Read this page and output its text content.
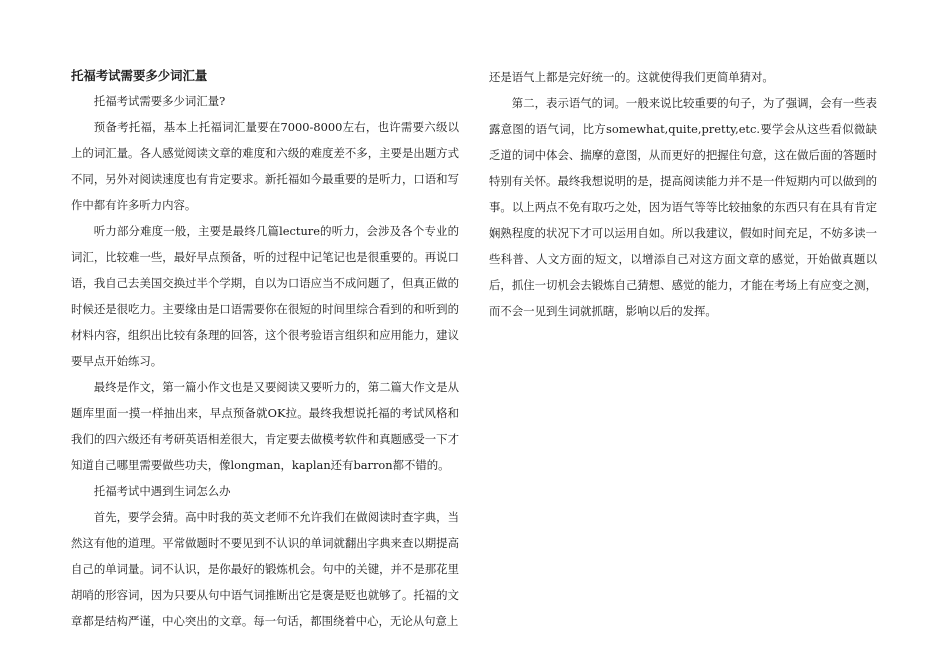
托福考试需要多少词汇量

托福考试需要多少词汇量?

预备考托福，基本上托福词汇量要在7000-8000左右，也许需要六级以上的词汇量。各人感觉阅读文章的难度和六级的难度差不多，主要是出题方式不同，另外对阅读速度也有肯定要求。新托福如今最重要的是听力，口语和写作中都有许多听力内容。

听力部分难度一般，主要是最终几篇lecture的听力，会涉及各个专业的词汇，比较难一些，最好早点预备，听的过程中记笔记也是很重要的。再说口语，我自己去美国交换过半个学期，自以为口语应当不成问题了，但真正做的时候还是很吃力。主要缘由是口语需要你在很短的时间里综合看到的和听到的材料内容，组织出比较有条理的回答，这个很考验语言组织和应用能力，建议要早点开始练习。

最终是作文，第一篇小作文也是又要阅读又要听力的，第二篇大作文是从题库里面一摸一样抽出来，早点预备就OK拉。最终我想说托福的考试风格和我们的四六级还有考研英语相差很大，肯定要去做模考软件和真题感受一下才知道自己哪里需要做些功夫，像longman，kaplan还有barron都不错的。

托福考试中遇到生词怎么办

首先，要学会猜。高中时我的英文老师不允许我们在做阅读时查字典，当然这有他的道理。平常做题时不要见到不认识的单词就翻出字典来查以期提高自己的单词量。词不认识，是你最好的锻炼机会。句中的关键，并不是那花里胡哨的形容词，因为只要从句中语气词推断出它是褒是贬也就够了。托福的文章都是结构严谨，中心突出的文章。每一句话，都围绕着中心，无论从句意上

还是语气上都是完好统一的。这就使得我们更简单猜对。

第二，表示语气的词。一般来说比较重要的句子，为了强调，会有一些表露意图的语气词，比方somewhat,quite,pretty,etc.要学会从这些看似微缺乏道的词中体会、揣摩的意图，从而更好的把握住句意，这在做后面的答题时特别有关怀。最终我想说明的是，提高阅读能力并不是一件短期内可以做到的事。以上两点不免有取巧之处，因为语气等等比较抽象的东西只有在具有肯定娴熟程度的状况下才可以运用自如。所以我建议，假如时间充足，不妨多读一些科普、人文方面的短文，以增添自己对这方面文章的感觉，开始做真题以后，抓住一切机会去锻炼自己猜想、感觉的能力，才能在考场上有应变之测，而不会一见到生词就抓瞎，影响以后的发挥。
